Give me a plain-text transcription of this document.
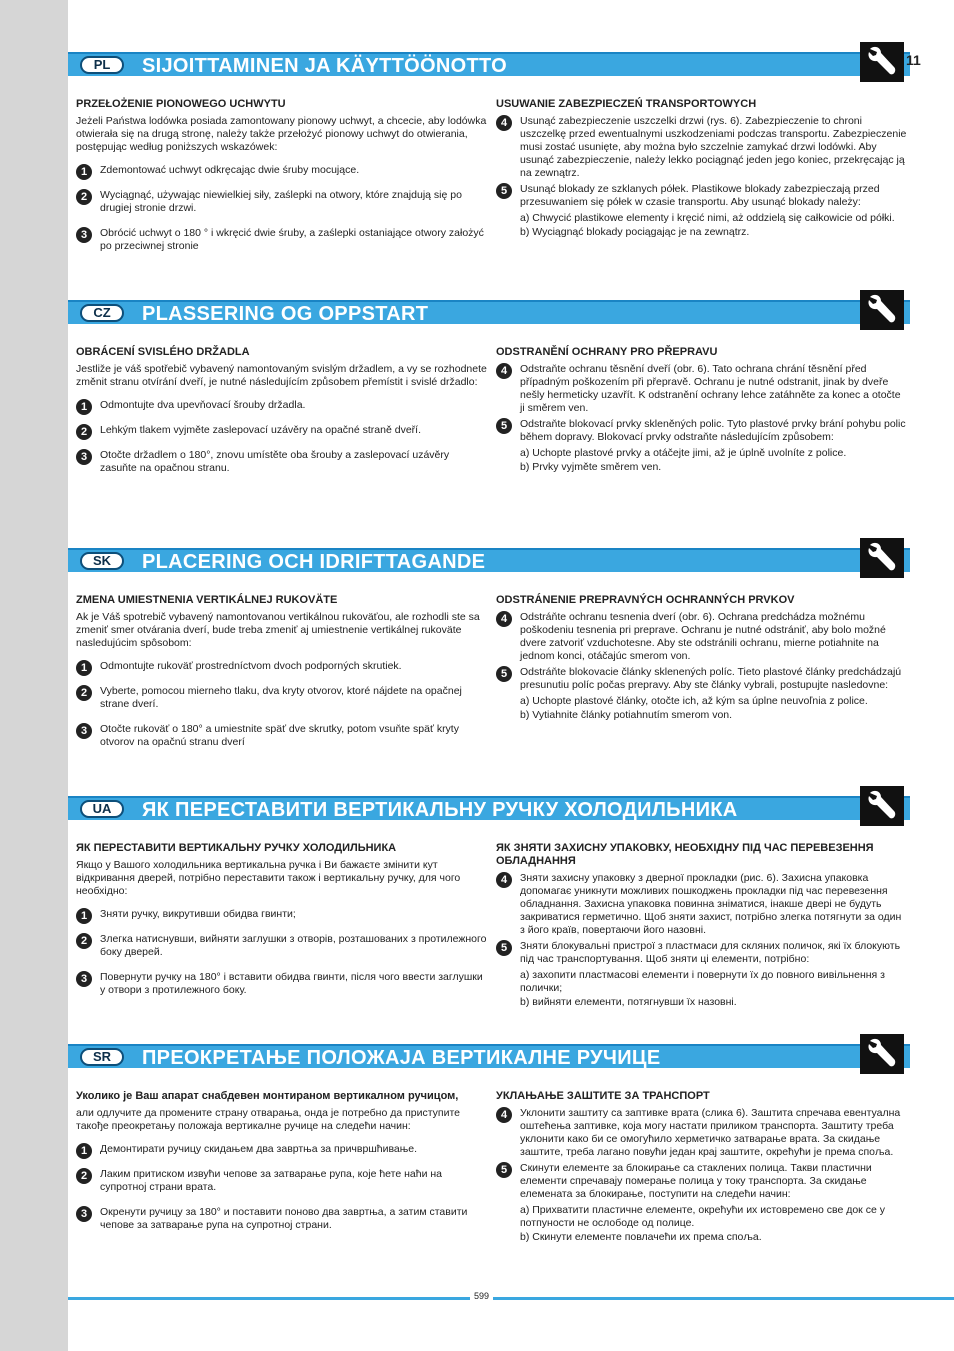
PL	SIJOITTAMINEN JA KÄYTTÖÖNOTTO	11
PRZEŁOŻENIE PIONOWEGO UCHWYTU
Jeżeli Państwa lodówka posiada zamontowany pionowy uchwyt, a chcecie, aby lodówka otwierała się na drugą stronę, należy także przełożyć pionowy uchwyt do otwierania, postępując według poniższych wskazówek:
1	Zdemontować uchwyt odkręcając dwie śruby mocujące.
2	Wyciągnąć, używając niewielkiej siły, zaślepki na otwory, które znajdują się po drugiej stronie drzwi.
3	Obrócić uchwyt o 180 ° i wkręcić dwie śruby, a zaślepki ostaniające otwory założyć po przeciwnej stronie
USUWANIE ZABEZPIECZEŃ TRANSPORTOWYCH
4	Usunąć zabezpieczenie uszczelki drzwi (rys. 6). Zabezpieczenie to chroni uszczelkę przed ewentualnymi uszkodzeniami podczas transportu. Zabezpieczenie musi zostać usunięte, aby można było szczelnie zamykać drzwi lodówki. Aby usunąć zabezpieczenie, należy lekko pociągnąć jeden jego koniec, przekręcając ją na zewnątrz.
5	Usunąć blokady ze szklanych półek. Plastikowe blokady zabezpieczają przed przesuwaniem się półek w czasie transportu. Aby usunąć blokady należy:
a) Chwycić plastikowe elementy i kręcić nimi, aż oddzielą się całkowicie od półki.
b) Wyciągnąć blokady pociągając je na zewnątrz.
CZ	PLASSERING OG OPPSTART
OBRÁCENÍ SVISLÉHO DRŽADLA
Jestliže je váš spotřebič vybavený namontovaným svislým držadlem, a vy se rozhodnete změnit stranu otvírání dveří, je nutné následujícím způsobem přemístit i svislé držadlo:
1	Odmontujte dva upevňovací šrouby držadla.
2	Lehkým tlakem vyjměte zaslepovací uzávěry na opačné straně dveří.
3	Otočte držadlem o 180°, znovu umístěte oba šrouby a zaslepovací uzávěry zasuňte na opačnou stranu.
ODSTRANĚNÍ OCHRANY PRO PŘEPRAVU
4	Odstraňte ochranu těsnění dveří (obr. 6). Tato ochrana chrání těsnění před případným poškozením při přepravě. Ochranu je nutné odstranit, jinak by dveře nešly hermeticky uzavřít. K odstranění ochrany lehce zatáhněte za konec a otočte ji směrem ven.
5	Odstraňte blokovací prvky skleněných polic. Tyto plastové prvky brání pohybu polic během dopravy. Blokovací prvky odstraňte následujícím způsobem:
a) Uchopte plastové prvky a otáčejte jimi, až je úplně uvolníte z police.
b) Prvky vyjměte směrem ven.
SK	PLACERING OCH IDRIFTTAGANDE
ZMENA UMIESTNENIA VERTIKÁLNEJ RUKOVÄTE
Ak je Váš spotrebič vybavený namontovanou vertikálnou rukoväťou, ale rozhodli ste sa zmeniť smer otvárania dverí, bude treba zmeniť aj umiestnenie vertikálnej rukoväte nasledujúcim spôsobom:
1	Odmontujte rukoväť prostredníctvom dvoch podporných skrutiek.
2	Vyberte, pomocou mierneho tlaku, dva kryty otvorov, ktoré nájdete na opačnej strane dverí.
3	Otočte rukoväť o 180° a umiestnite späť dve skrutky, potom vsuňte späť kryty otvorov na opačnú stranu dverí
ODSTRÁNENIE PREPRAVNÝCH OCHRANNÝCH PRVKOV
4	Odstráňte ochranu tesnenia dverí (obr. 6). Ochrana predchádza možnému poškodeniu tesnenia pri preprave. Ochranu je nutné odstrániť, aby bolo možné dvere zatvoriť vzduchotesne. Aby ste odstránili ochranu, mierne potiahnite na jednom konci, otáčajúc smerom von.
5	Odstráňte blokovacie články sklenených políc. Tieto plastové články predchádzajú presunutiu políc počas prepravy. Aby ste články vybrali, postupujte nasledovne:
a) Uchopte plastové články, otočte ich, až kým sa úplne neuvoľnia z police.
b) Vytiahnite články potiahnutím smerom von.
UA	ЯК ПЕРЕСТАВИТИ ВЕРТИКАЛЬНУ РУЧКУ ХОЛОДИЛЬНИКА
ЯК ПЕРЕСТАВИТИ ВЕРТИКАЛЬНУ РУЧКУ ХОЛОДИЛЬНИКА
Якщо у Вашого холодильника вертикальна ручка і Ви бажаєте змінити кут відкривання дверей, потрібно переставити також і вертикальну ручку, для чого необхідно:
1	Зняти ручку, викрутивши обидва гвинти;
2	Злегка натиснувши, вийняти заглушки з отворів, розташованих з протилежного боку дверей.
3	Повернути ручку на 180° і вставити обидва гвинти, після чого ввести заглушки у отвори з протилежного боку.
ЯК ЗНЯТИ ЗАХИСНУ УПАКОВКУ, НЕОБХІДНУ ПІД ЧАС ПЕРЕВЕЗЕННЯ ОБЛАДНАННЯ
4	Зняти захисну упаковку з дверної прокладки (рис. 6). Захисна упаковка допомагає уникнути можливих пошкоджень прокладки під час перевезення обладнання. Захисна упаковка повинна зніматися, інакше двері не будуть закриватися герметично. Щоб зняти захист, потрібно злегка потягнути за один з його країв, повертаючи його назовні.
5	Зняти блокувальні пристрої з пластмаси для скляних поличок, які їх блокують під час транспортування. Щоб зняти ці елементи, потрібно:
a) захопити пластмасові елементи і повернути їх до повного вивільнення з полички;
b) вийняти елементи, потягнувши їх назовні.
SR	ПРЕОКРЕТАЊЕ ПОЛОЖАЈА ВЕРТИКАЛНЕ РУЧИЦЕ
Уколико је Ваш апарат снабдевен монтираном вертикалном ручицом,
али одлучите да промените страну отварања, онда је потребно да приступите такође преокретању положаја вертикалне ручице на следећи начин:
1	Демонтирати ручицу скидањем два завртња за причвршћивање.
2	Лаким притиском извући чепове за затварање рупа, које ћете наћи на супротној страни врата.
3	Окренути ручицу за 180° и поставити поново два завртња, а затим ставити чепове за затварање рупа на супротној страни.
УКЛАЊАЊЕ ЗАШТИТЕ ЗА ТРАНСПОРТ
4	Уклонити заштиту са заптивке врата (слика 6). Заштита спречава евентуална оштећења заптивке, која могу настати приликом транспорта. Заштиту треба уклонити како би се омогућило херметичко затварање врата. За скидање заштите, треба лагано повући један крај заштите, окрећући је према споља.
5	Скинути елементе за блокирање са стаклених полица. Такви пластични елементи спречавају померање полица у току транспорта. За скидање елемената за блокирање, поступити на следећи начин:
a) Прихватити пластичне елементе, окрећући их истовремено све док се у потпуности не ослободе од полице.
b) Скинути елементе повлачећи их према споља.
599
